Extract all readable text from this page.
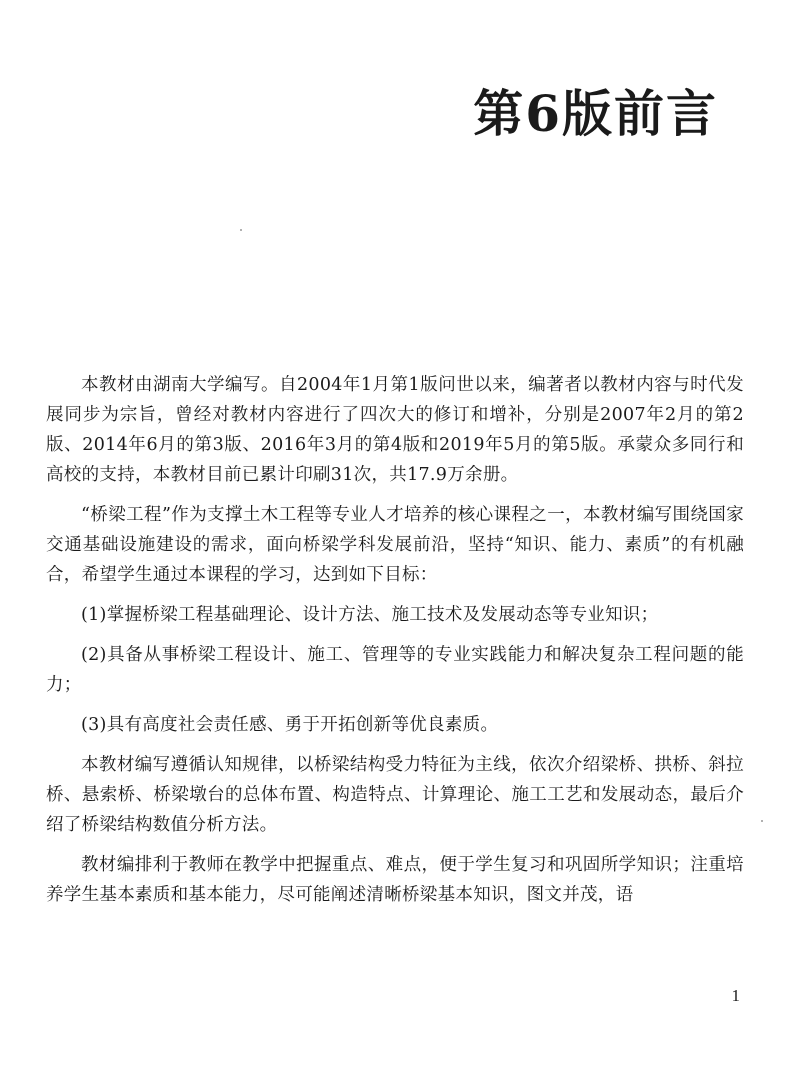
第6版前言

本教材由湖南大学编写。自2004年1月第1版问世以来，编著者以教材内容与时代发展同步为宗旨，曾经对教材内容进行了四次大的修订和增补，分别是2007年2月的第2版、2014年6月的第3版、2016年3月的第4版和2019年5月的第5版。承蒙众多同行和高校的支持，本教材目前已累计印刷31次，共17.9万余册。

“桥梁工程”作为支撑土木工程等专业人才培养的核心课程之一，本教材编写围绕国家交通基础设施建设的需求，面向桥梁学科发展前沿，坚持“知识、能力、素质”的有机融合，希望学生通过本课程的学习，达到如下目标：

(1)掌握桥梁工程基础理论、设计方法、施工技术及发展动态等专业知识；

(2)具备从事桥梁工程设计、施工、管理等的专业实践能力和解决复杂工程问题的能力；

(3)具有高度社会责任感、勇于开拓创新等优良素质。

本教材编写遵循认知规律，以桥梁结构受力特征为主线，依次介绍梁桥、拱桥、斜拉桥、悬索桥、桥梁墩台的总体布置、构造特点、计算理论、施工工艺和发展动态，最后介绍了桥梁结构数值分析方法。

教材编排利于教师在教学中把握重点、难点，便于学生复习和巩固所学知识；注重培养学生基本素质和基本能力，尽可能阐述清晰桥梁基本知识，图文并茂，语

1
